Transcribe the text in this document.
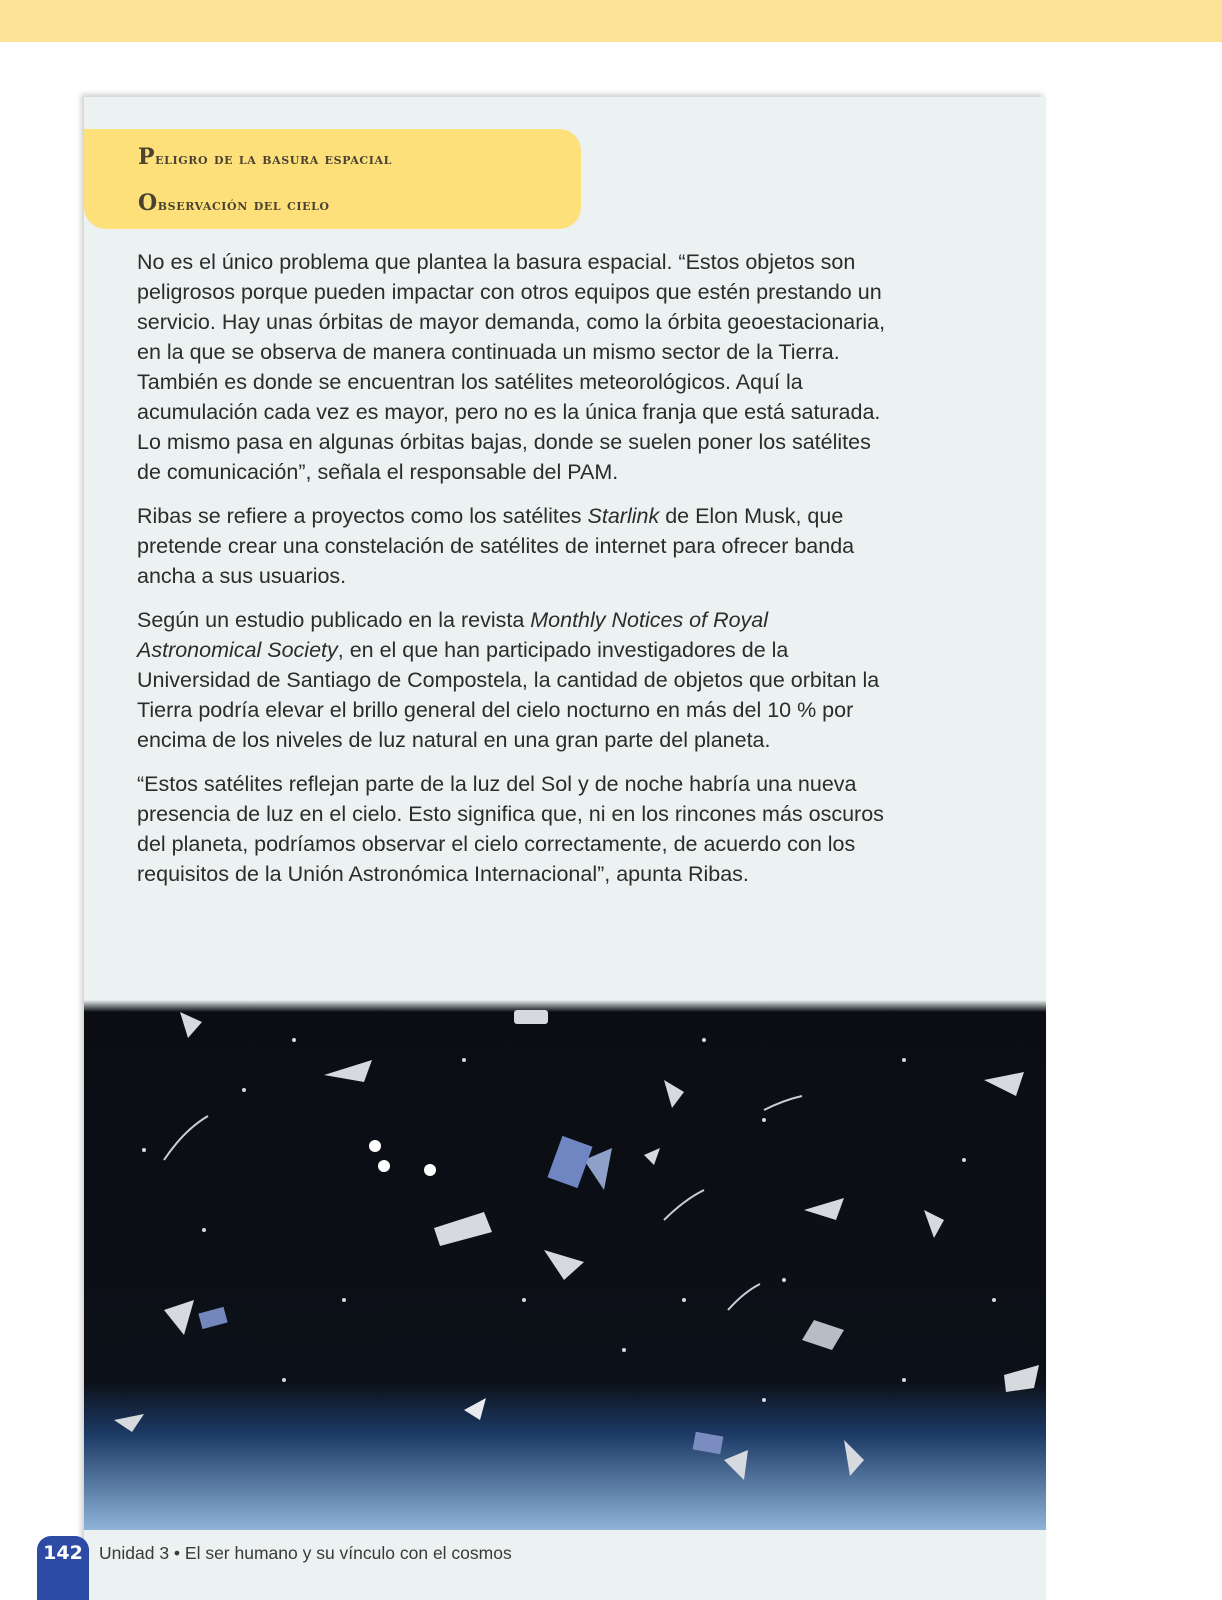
Peligro de la basura espacial
Observación del cielo

No es el único problema que plantea la basura espacial. “Estos objetos son peligrosos porque pueden impactar con otros equipos que estén prestando un servicio. Hay unas órbitas de mayor demanda, como la órbita geoestacionaria, en la que se observa de manera continuada un mismo sector de la Tierra. También es donde se encuentran los satélites meteorológicos. Aquí la acumulación cada vez es mayor, pero no es la única franja que está saturada. Lo mismo pasa en algunas órbitas bajas, donde se suelen poner los satélites de comunicación”, señala el responsable del PAM.

Ribas se refiere a proyectos como los satélites Starlink de Elon Musk, que pretende crear una constelación de satélites de internet para ofrecer banda ancha a sus usuarios.

Según un estudio publicado en la revista Monthly Notices of Royal Astronomical Society, en el que han participado investigadores de la Universidad de Santiago de Compostela, la cantidad de objetos que orbitan la Tierra podría elevar el brillo general del cielo nocturno en más del 10 % por encima de los niveles de luz natural en una gran parte del planeta.

“Estos satélites reflejan parte de la luz del Sol y de noche habría una nueva presencia de luz en el cielo. Esto significa que, ni en los rincones más oscuros del planeta, podríamos observar el cielo correctamente, de acuerdo con los requisitos de la Unión Astronómica Internacional”, apunta Ribas.

142 Unidad 3 • El ser humano y su vínculo con el cosmos
